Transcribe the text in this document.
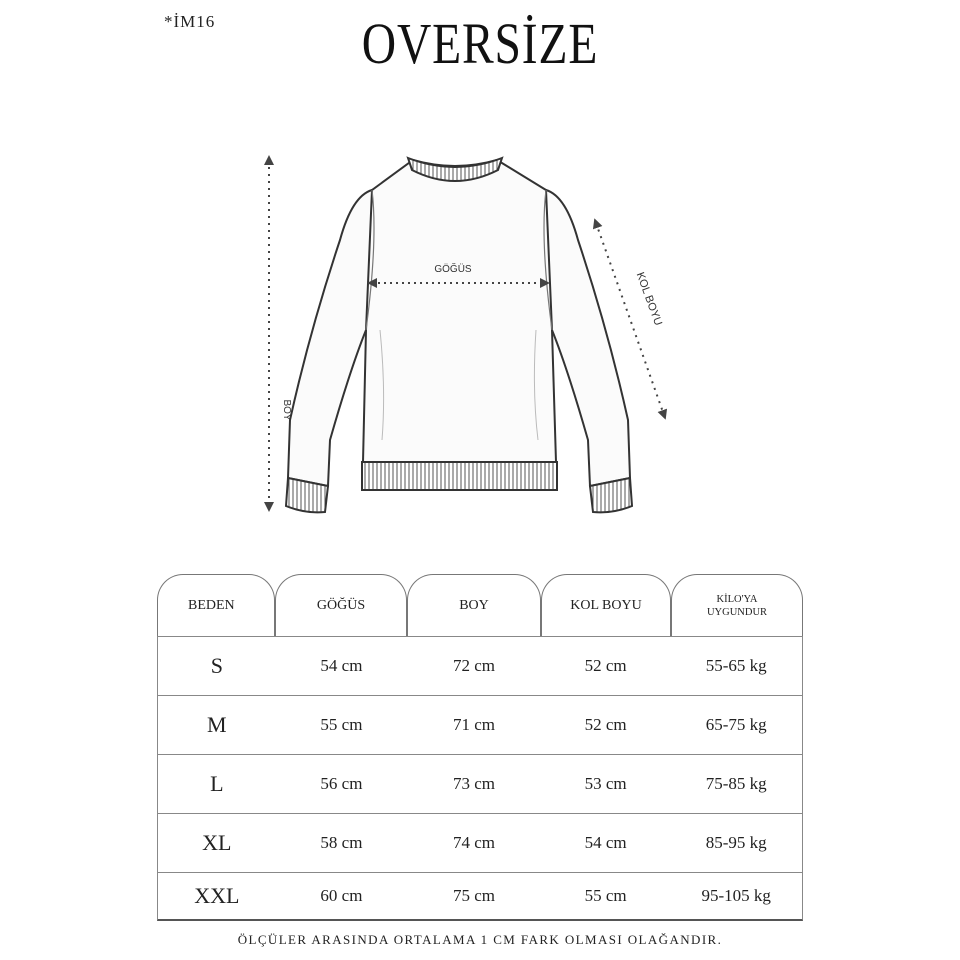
*İM16	OVERSİZE
GÖĞÜS
BOY
KOL BOYU
BEDEN	GÖĞÜS	BOY	KOL BOYU	KİLO'YA
UYGUNDUR
S	54 cm	72 cm	52 cm	55-65 kg
M	55 cm	71 cm	52 cm	65-75 kg
L	56 cm	73 cm	53 cm	75-85 kg
XL	58 cm	74 cm	54 cm	85-95 kg
XXL	60 cm	75 cm	55 cm	95-105 kg
ÖLÇÜLER ARASINDA ORTALAMA 1 CM FARK OLMASI OLAĞANDIR.
